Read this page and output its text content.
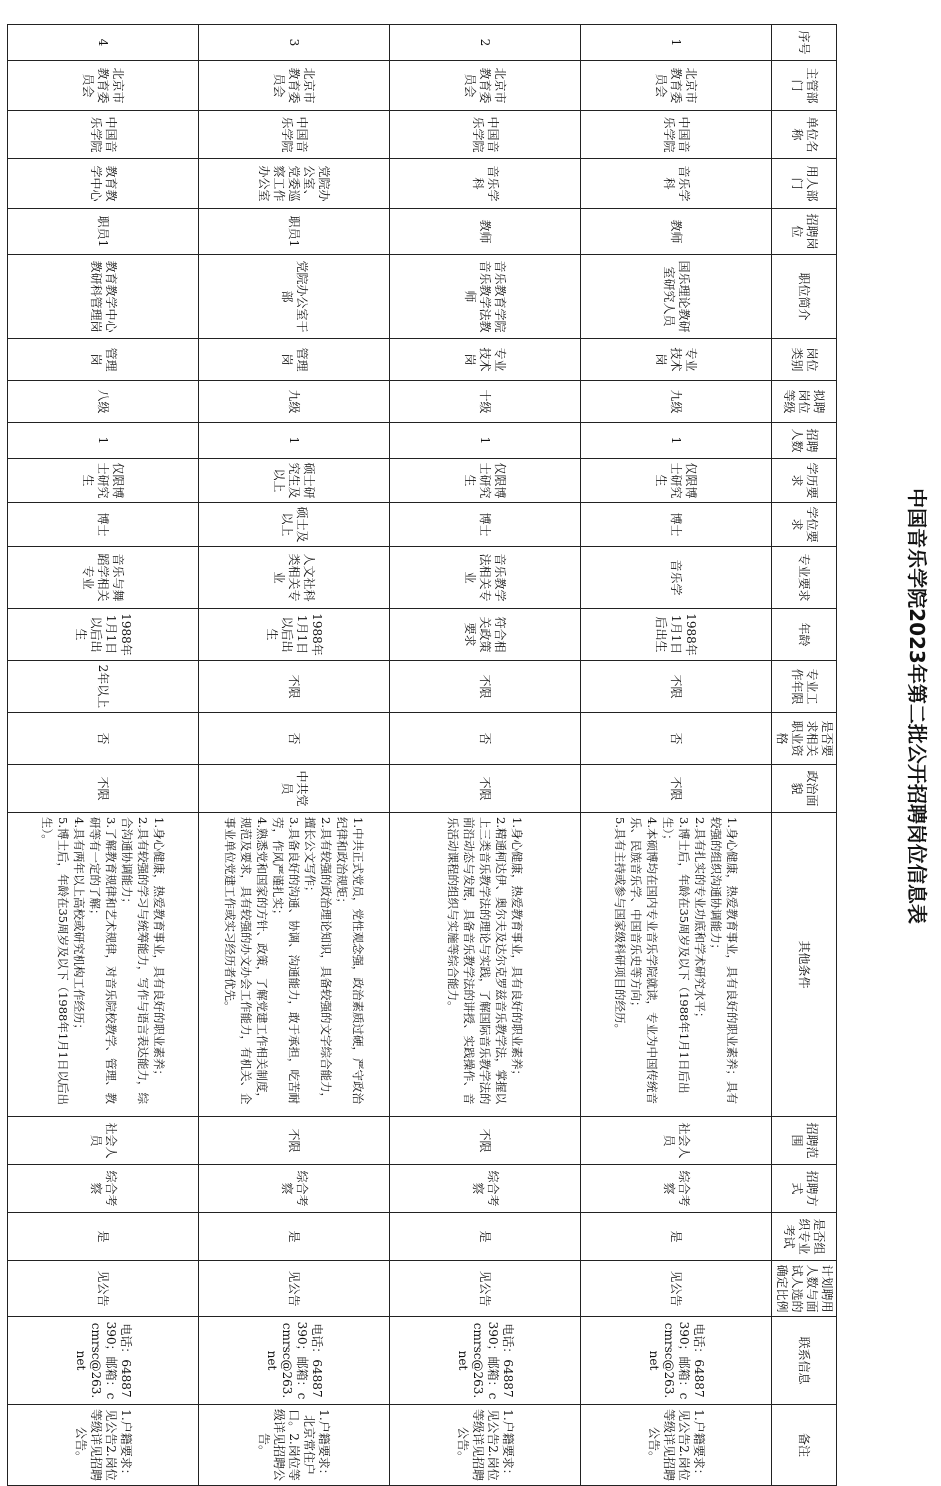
中国音乐学院2023年第二批公开招聘岗位信息表
序号	主管部门	单位名称	用人部门	招聘岗位	职位简介	岗位类别	拟聘岗位等级	招聘人数	学历要求	学位要求	专业要求	年龄	专业工作年限	是否要求相关职业资格	政治面貌	其他条件	招聘范围	招聘方式	是否组织专业考试	计划聘用人数与面试人选的确定比例	联系信息	备注
1	北京市教育委员会	中国音乐学院	音乐学科	教师	国乐理论教研室研究人员	专业技术岗	九级	1	仅限博士研究生	博士	音乐学	1988年1月1日后出生	不限	否	不限	1.身心健康，热爱教育事业，具有良好的职业素养；具有较强的组织沟通协调能力；
2.具有扎实的专业功底和学术研究水平；
3.博士后，年龄在35周岁及以下（1988年1月1日后出生）；
4.本硕博均在国内专业音乐学院就读，专业为中国传统音乐、民族音乐学、中国音乐史等方向；
5.具有主持或参与国家级科研项目的经历。	社会人员	综合考察	是	见公告	电话：64887390；邮箱：ccmrsc@263.net	1.户籍要求：见公告2.岗位等级详见招聘公告。
2	北京市教育委员会	中国音乐学院	音乐学科	教师	音乐教育学院音乐教学法教师	专业技术岗	十级	1	仅限博士研究生	博士	音乐教学法相关专业	符合相关政策要求	不限	否	不限	1.身心健康，热爱教育事业，具有良好的职业素养；
2.精通柯达伊、奥尔夫及达尔克罗兹音乐教学法，掌握以上三类音乐教学法的理论与实践，了解国际音乐教学法的前沿动态与发展，具备音乐教学法的讲授、实践操作、音乐活动课程的组织与实施等综合能力。	不限	综合考察	是	见公告	电话：64887390；邮箱：ccmrsc@263.net	1.户籍要求：见公告2.岗位等级详见招聘公告。
3	北京市教育委员会	中国音乐学院	党院办公室、党委巡察工作办公室	职员1	党院办公室干部	管理岗	九级	1	硕士研究生及以上	硕士及以上	人文社科类相关专业	1988年1月1日以后出生	不限	否	中共党员	1.中共正式党员，党性观念强，政治素质过硬，严守政治纪律和政治规矩；
2.具有较强的政治理论知识，具备较强的文字综合能力，擅长公文写作；
3.具备良好的沟通、协调、沟通能力，敢于承担，吃苦耐劳，作风严谨扎实；
4.熟悉党和国家的方针、政策，了解党建工作相关制度，规范及要求，具有较强的办文办会工作能力，有机关、企事业单位党建工作或实习经历者优先。	不限	综合考察	是	见公告	电话：64887390；邮箱：ccmrsc@263.net	1.户籍要求：北京常住户口。2.岗位等级详见招聘公告。
4	北京市教育委员会	中国音乐学院	教育教学中心	职员1	教育教学中心教研科管理岗	管理岗	八级	1	仅限博士研究生	博士	音乐与舞蹈学相关专业	1988年1月1日以后出生	2年以上	否	不限	1.身心健康，热爱教育事业，具有良好的职业素养；
2.具有较强的学习与统筹能力，写作与语言表达能力，综合沟通协调能力；
3.了解教育规律和艺术规律，对音乐院校教学、管理、教研等有一定的了解；
4.具有两年以上高校或研究机构工作经历；
5.博士后，年龄在35周岁及以下（1988年1月1日以后出生）。	社会人员	综合考察	是	见公告	电话：64887390；邮箱：ccmrsc@263.net	1.户籍要求：见公告2.岗位等级详见招聘公告。
